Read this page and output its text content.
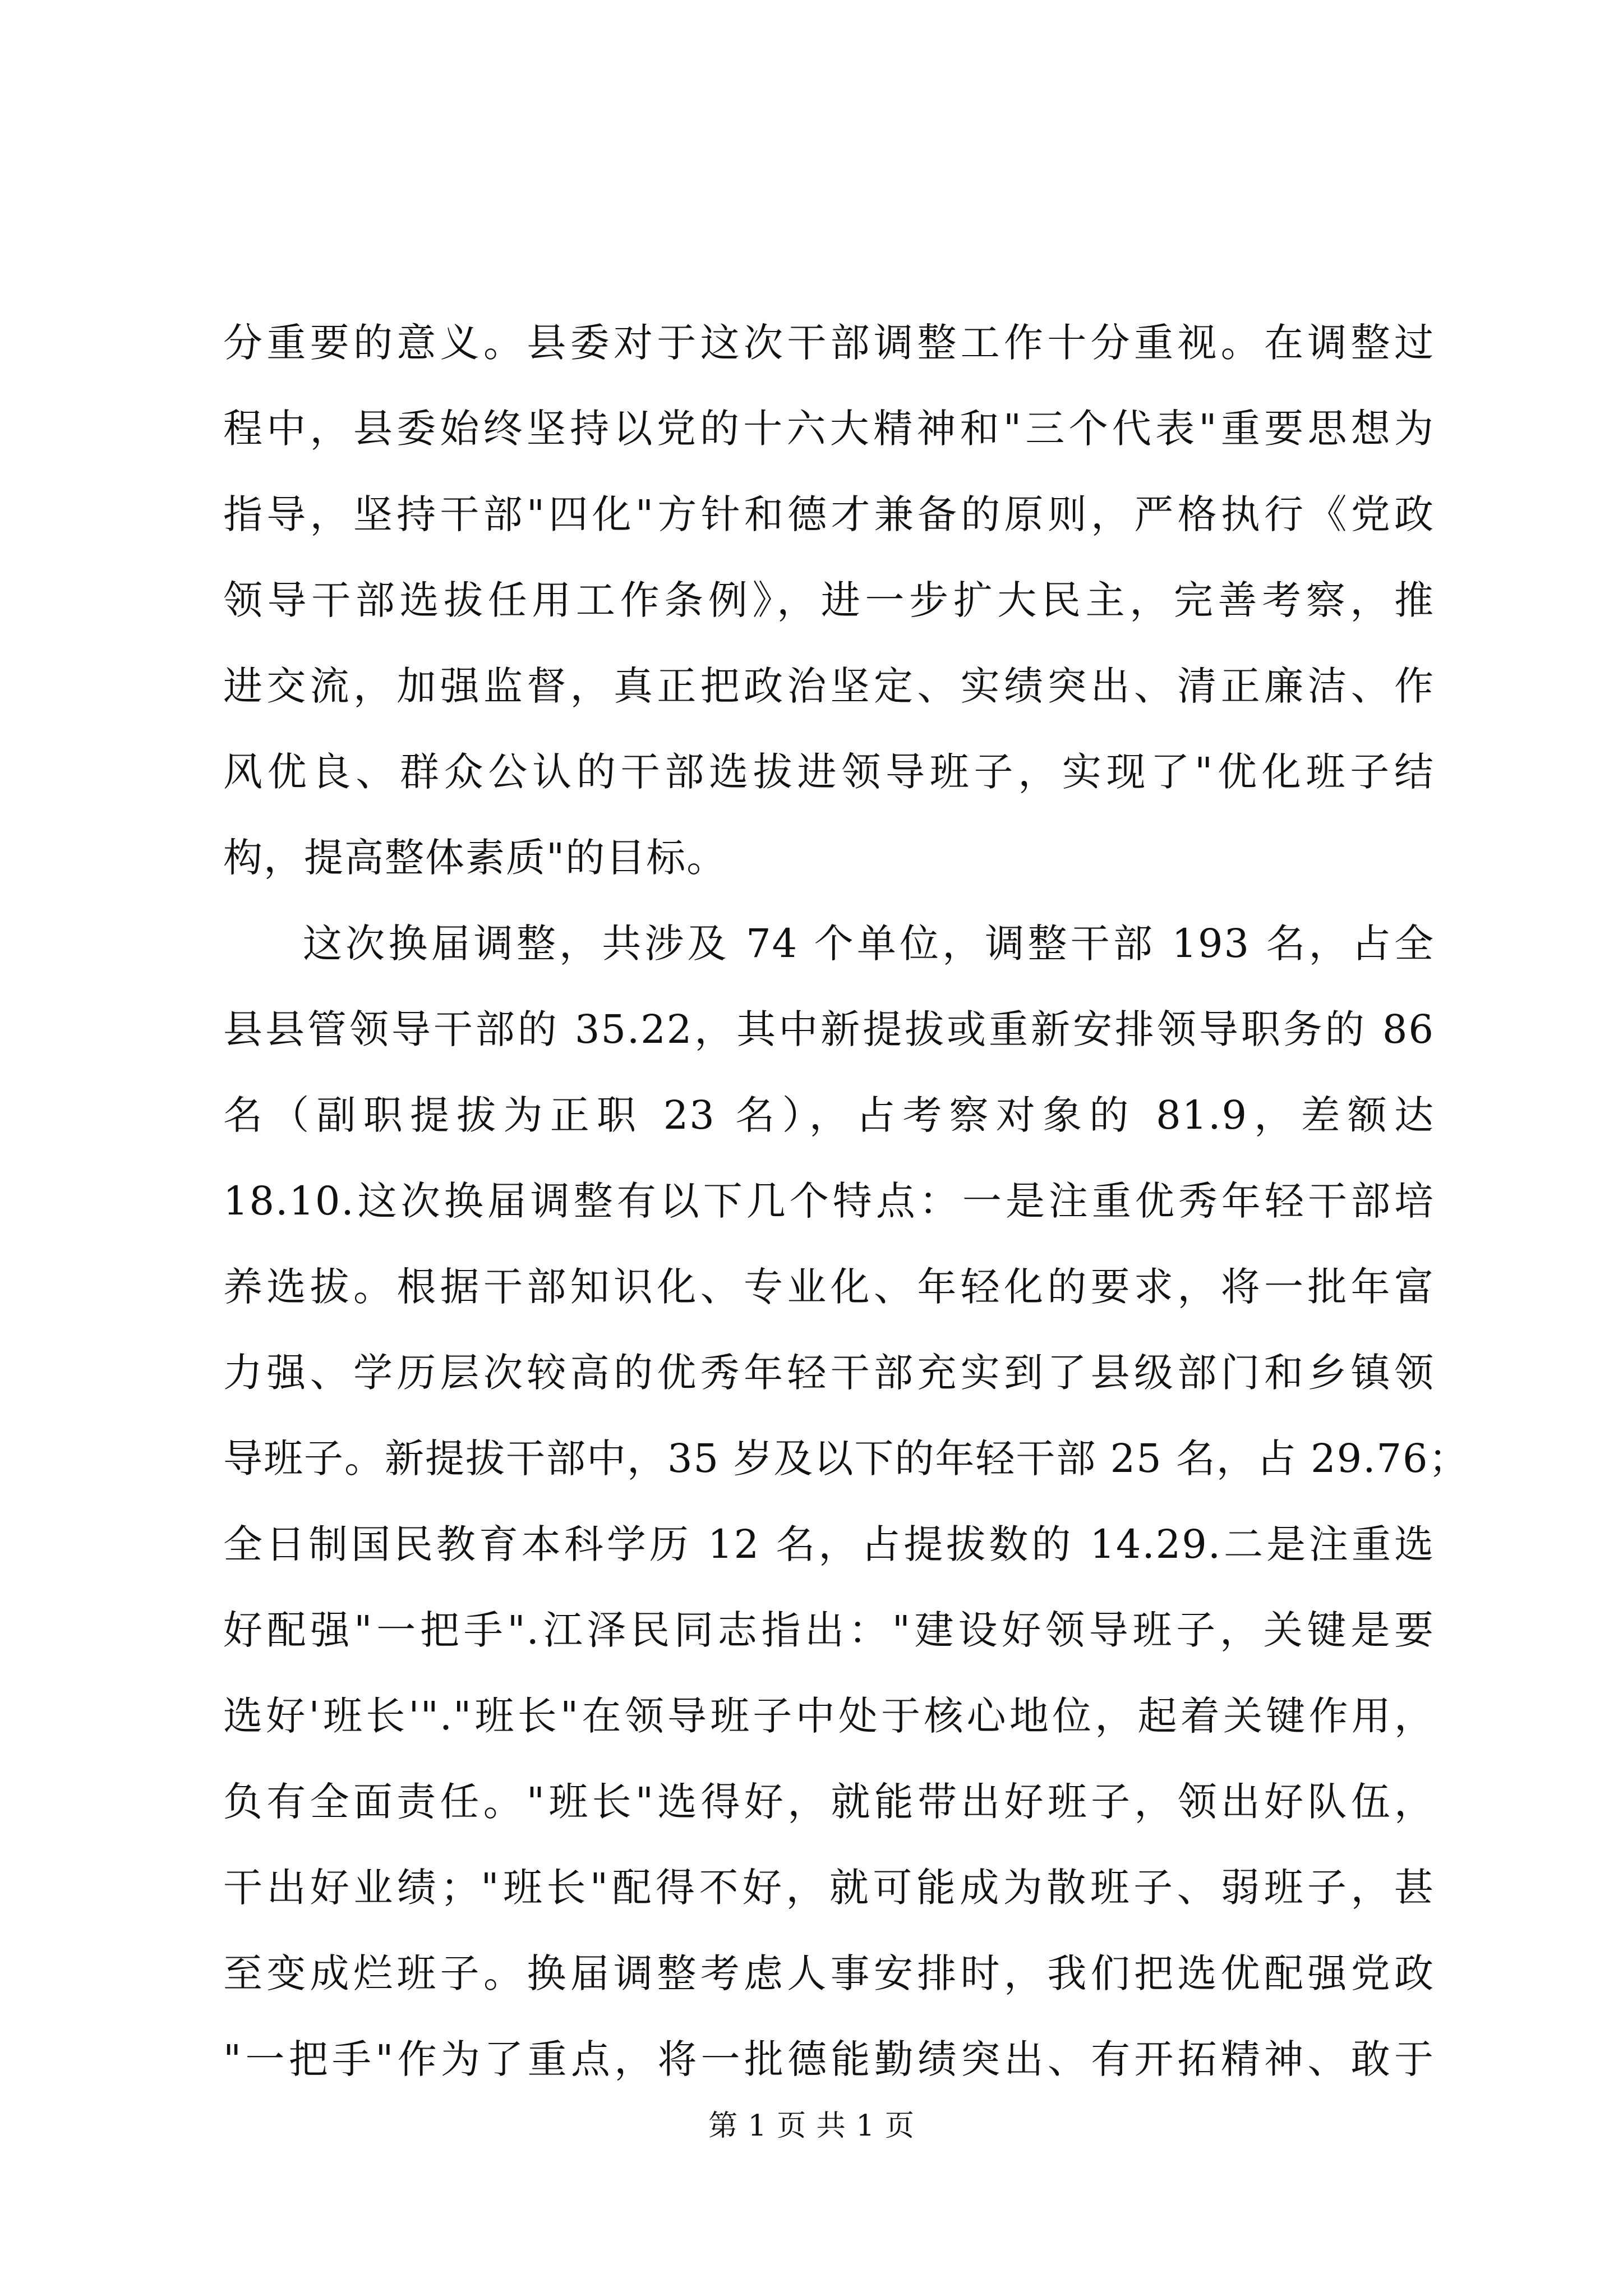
分重要的意义。县委对于这次干部调整工作十分重视。在调整过
程中，县委始终坚持以党的十六大精神和"三个代表"重要思想为
指导，坚持干部"四化"方针和德才兼备的原则，严格执行《党政
领导干部选拔任用工作条例》，进一步扩大民主，完善考察，推
进交流，加强监督，真正把政治坚定、实绩突出、清正廉洁、作
风优良、群众公认的干部选拔进领导班子，实现了"优化班子结
构，提高整体素质"的目标。
这次换届调整，共涉及 74 个单位，调整干部 193 名，占全
县县管领导干部的 35.22，其中新提拔或重新安排领导职务的 86
名（副职提拔为正职 23 名），占考察对象的 81.9，差额达
18.10.这次换届调整有以下几个特点：一是注重优秀年轻干部培
养选拔。根据干部知识化、专业化、年轻化的要求，将一批年富
力强、学历层次较高的优秀年轻干部充实到了县级部门和乡镇领
导班子。新提拔干部中，35 岁及以下的年轻干部 25 名，占 29.76；
全日制国民教育本科学历 12 名，占提拔数的 14.29.二是注重选
好配强"一把手".江泽民同志指出："建设好领导班子，关键是要
选好'班长'"."班长"在领导班子中处于核心地位，起着关键作用，
负有全面责任。"班长"选得好，就能带出好班子，领出好队伍，
干出好业绩；"班长"配得不好，就可能成为散班子、弱班子，甚
至变成烂班子。换届调整考虑人事安排时，我们把选优配强党政
"一把手"作为了重点，将一批德能勤绩突出、有开拓精神、敢于
第 1 页 共 1 页
